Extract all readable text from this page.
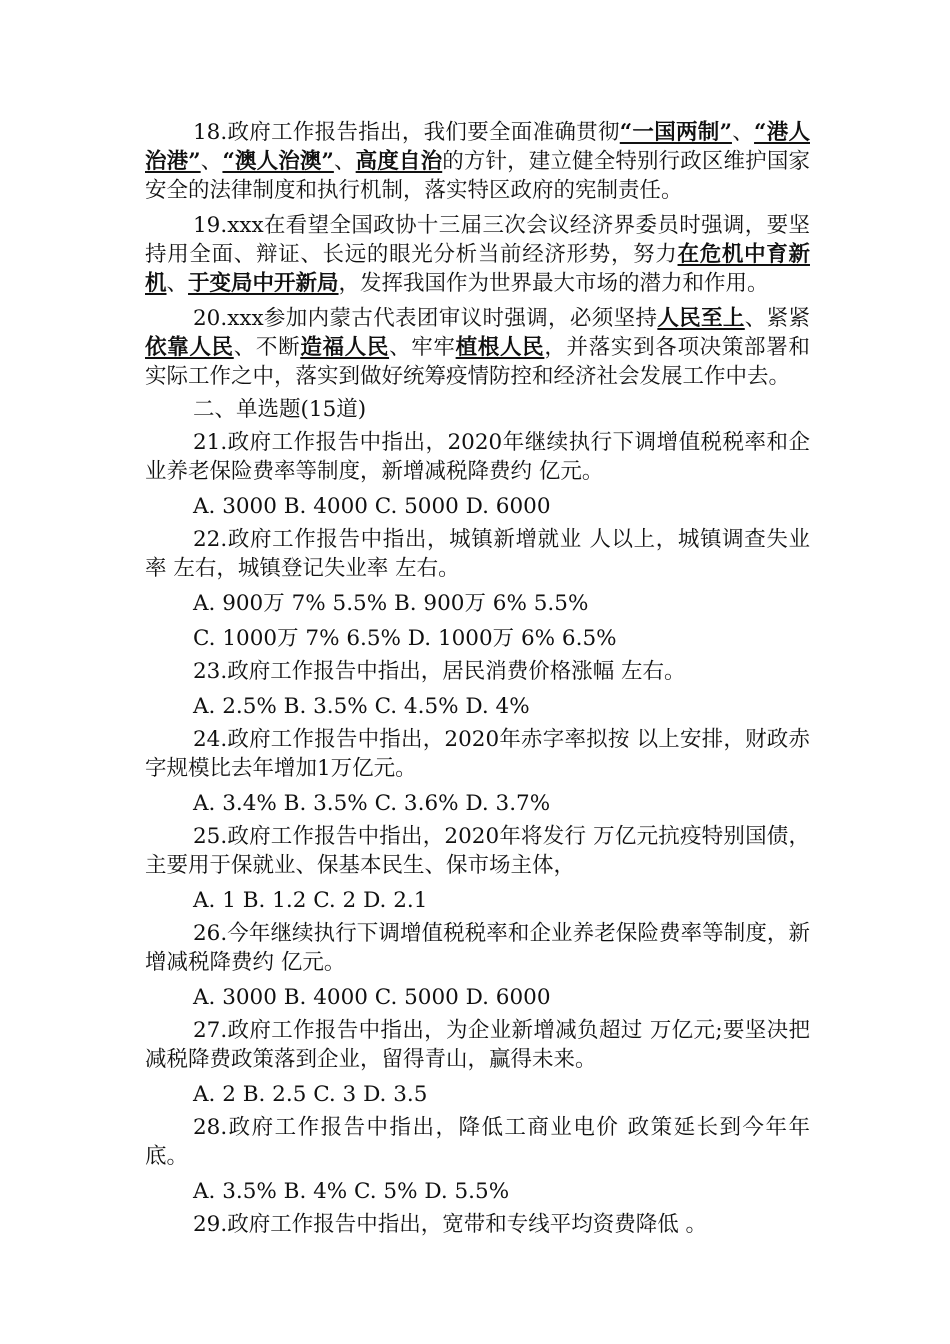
18.政府工作报告指出，我们要全面准确贯彻“一国两制”、“港人治港”、“澳人治澳”、高度自治的方针，建立健全特别行政区维护国家安全的法律制度和执行机制，落实特区政府的宪制责任。

19.xxx在看望全国政协十三届三次会议经济界委员时强调，要坚持用全面、辩证、长远的眼光分析当前经济形势，努力在危机中育新机、于变局中开新局，发挥我国作为世界最大市场的潜力和作用。

20.xxx参加内蒙古代表团审议时强调，必须坚持人民至上、紧紧依靠人民、不断造福人民、牢牢植根人民，并落实到各项决策部署和实际工作之中，落实到做好统筹疫情防控和经济社会发展工作中去。

二、单选题(15道)

21.政府工作报告中指出，2020年继续执行下调增值税税率和企业养老保险费率等制度，新增减税降费约 亿元。

A. 3000 B. 4000 C. 5000 D. 6000

22.政府工作报告中指出，城镇新增就业 人以上，城镇调查失业率 左右，城镇登记失业率 左右。

A. 900万 7% 5.5% B. 900万 6% 5.5%

C. 1000万 7% 6.5% D. 1000万 6% 6.5%

23.政府工作报告中指出，居民消费价格涨幅 左右。

A. 2.5% B. 3.5% C. 4.5% D. 4%

24.政府工作报告中指出，2020年赤字率拟按 以上安排，财政赤字规模比去年增加1万亿元。

A. 3.4% B. 3.5% C. 3.6% D. 3.7%

25.政府工作报告中指出，2020年将发行 万亿元抗疫特别国债，主要用于保就业、保基本民生、保市场主体，

A. 1 B. 1.2 C. 2 D. 2.1

26.今年继续执行下调增值税税率和企业养老保险费率等制度，新增减税降费约 亿元。

A. 3000 B. 4000 C. 5000 D. 6000

27.政府工作报告中指出，为企业新增减负超过 万亿元;要坚决把减税降费政策落到企业，留得青山，赢得未来。

A. 2 B. 2.5 C. 3 D. 3.5

28.政府工作报告中指出，降低工商业电价 政策延长到今年年底。

A. 3.5% B. 4% C. 5% D. 5.5%

29.政府工作报告中指出，宽带和专线平均资费降低 。
